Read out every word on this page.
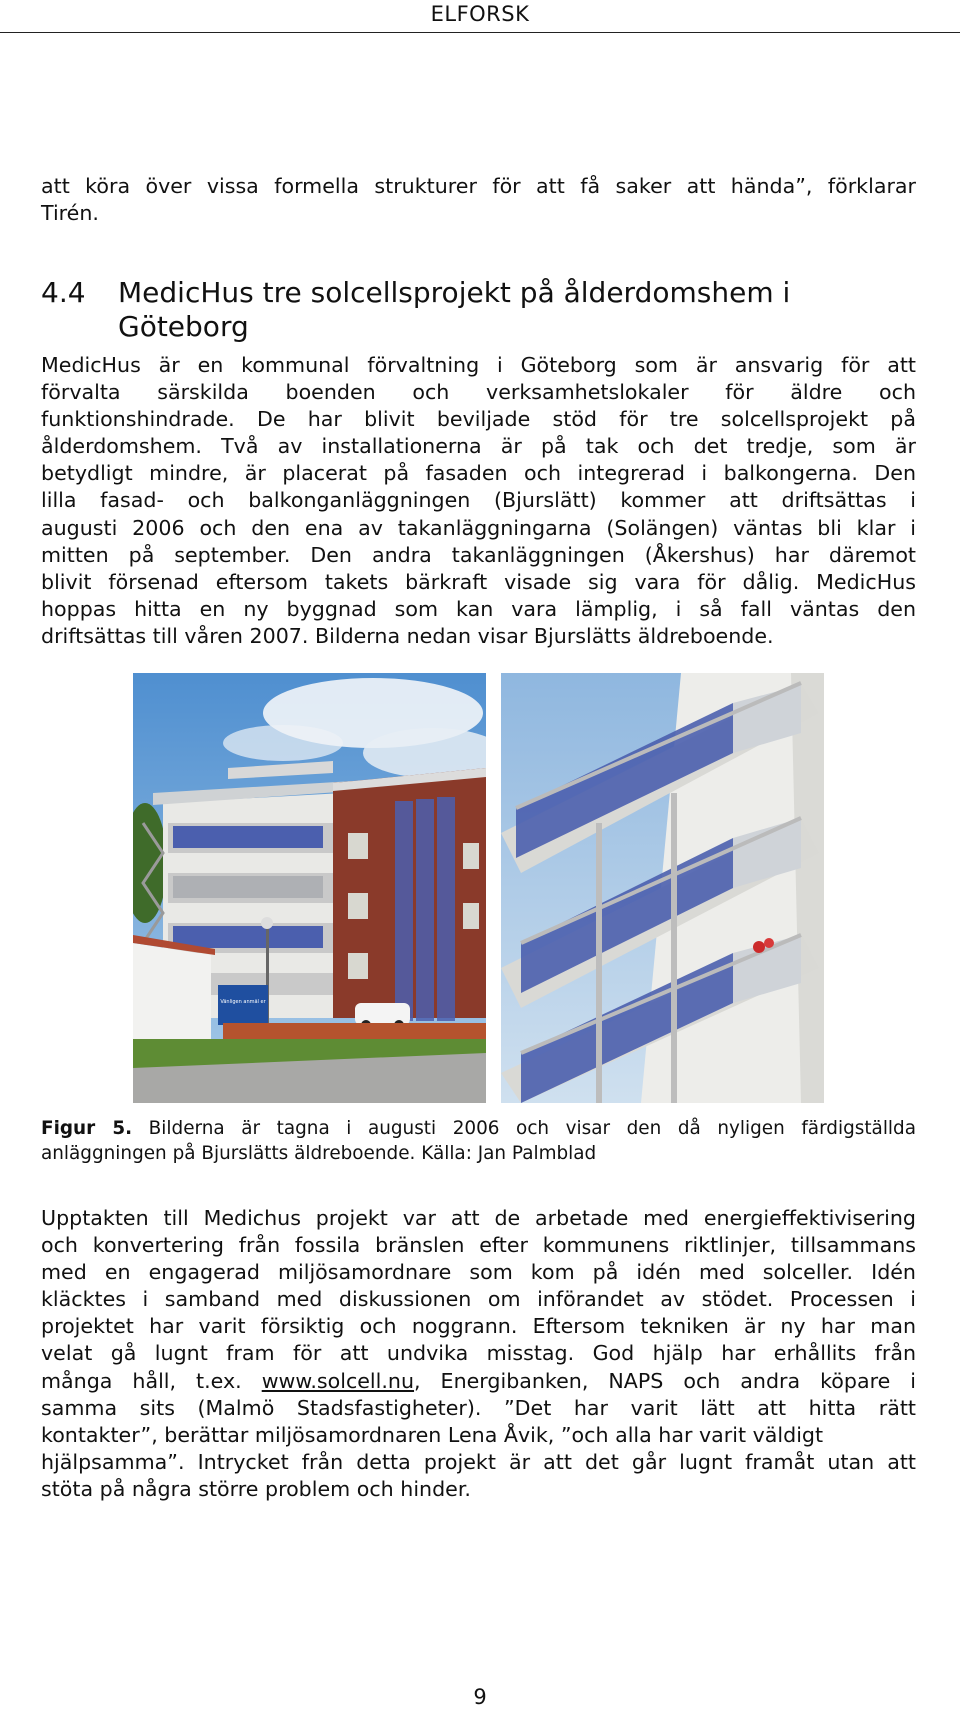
ELFORSK
att köra över vissa formella strukturer för att få saker att hända”, förklarar
Tirén.
4.4 MedicHus tre solcellsprojekt på ålderdomshem i
Göteborg
MedicHus är en kommunal förvaltning i Göteborg som är ansvarig för att
förvalta särskilda boenden och verksamhetslokaler för äldre och
funktionshindrade. De har blivit beviljade stöd för tre solcellsprojekt på
ålderdomshem. Två av installationerna är på tak och det tredje, som är
betydligt mindre, är placerat på fasaden och integrerad i balkongerna. Den
lilla fasad- och balkonganläggningen (Bjurslätt) kommer att driftsättas i
augusti 2006 och den ena av takanläggningarna (Solängen) väntas bli klar i
mitten på september. Den andra takanläggningen (Åkershus) har däremot
blivit försenad eftersom takets bärkraft visade sig vara för dålig. MedicHus
hoppas hitta en ny byggnad som kan vara lämplig, i så fall väntas den
driftsättas till våren 2007. Bilderna nedan visar Bjurslätts äldreboende.
Vänligen anmäl er
Figur 5. Bilderna är tagna i augusti 2006 och visar den då nyligen färdigställda
anläggningen på Bjurslätts äldreboende. Källa: Jan Palmblad
Upptakten till Medichus projekt var att de arbetade med energieffektivisering
och konvertering från fossila bränslen efter kommunens riktlinjer, tillsammans
med en engagerad miljösamordnare som kom på idén med solceller. Idén
kläcktes i samband med diskussionen om införandet av stödet. Processen i
projektet har varit försiktig och noggrann. Eftersom tekniken är ny har man
velat gå lugnt fram för att undvika misstag. God hjälp har erhållits från
många håll, t.ex. www.solcell.nu, Energibanken, NAPS och andra köpare i
samma sits (Malmö Stadsfastigheter). ”Det har varit lätt att hitta rätt
kontakter”, berättar miljösamordnaren Lena Åvik, ”och alla har varit väldigt
hjälpsamma”. Intrycket från detta projekt är att det går lugnt framåt utan att
stöta på några större problem och hinder.
9
